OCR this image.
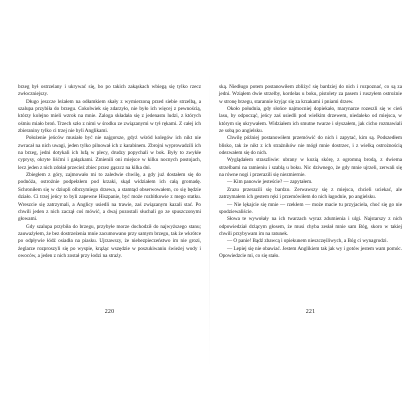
brzeg był ostrzelany i ukrywać się, bo po takich zakąskach wbiegą się tylko rzecz zwłoczniejszy.

Długo jeszcze leżałem na odłamkiem skały z wymierzoną przed siebie strzelbą, a szalupa przybiła do brzegu. Cokolwiek się zdarzyło, nie było ich więcej z pewnością, którzy kolejno mieli wzrok na mnie. Zaloga składała się z jedenastu ludzi, z których ośmiu miało broń. Trzech szło z nimi w środku ze związanymi w tył rękami. Z całej ich zbieraniny tylko ci trzej nie byli Anglikami.

Położenie jeńców musiało być nie najgorsze, gdyż wśród kolegów ich nikt nie zwracał na nich uwagi, jeden tylko pilnował ich z karabinem. Zbrojni wyprowadzili ich na brzeg, jedni dotykali ich lufą w plecy, drudzy popychali w bok. Były to zwykłe cyprysy, okryte liśćmi i gałązkami. Zmienili oni miejsce w kilku nocnych postojach, lecz jeden z nich zdołał przecież zbiec przez gąszcz na kilka dni.

Zbiegłem z góry, zajmowało mi to zaledwie chwilę, a gdy już dostałem się do podnóża, ostrożnie podpełzłem pod krzaki, skąd widziałem ich całą gromadę. Schroniłem się w dziupli olbrzymiego drzewa, a stamtąd obserwowałem, co się będzie działo. Ci trzej jeńcy to byli zapewne Hiszpanie, być może rozbitkowie z mego statku. Wreszcie się zatrzymali, a Anglicy usiedli na trawie, zaś związanym kazali stać. Po chwili jeden z nich zaczął coś mówić, a dwaj pozostali słuchali go ze spuszczonymi głowami.

Gdy szalupa przybiła do brzegu, przybyłe morze dochodził do najwyższego stanu; zauważyłem, że bez dostrzeżenia mnie zacumowano przy samym brzegu, tak że wkrótce po odpływie łódź osiadła na piasku. Ujrzawszy, że niebezpieczeństwo im nie grozi, żeglarze rozproszyli się po wyspie, krążąc wszędzie w poszukiwaniu świeżej wody i owoców, a jeden z nich został przy łodzi na straży.

220

ską. Niedługo potem postanowiłem zbliżyć się bardziej do nich i rozpoznać, co są za jedni. Wziąłem dwie strzelby, kordelas u boku, pistolety za pasem i ruszyłem ostrożnie w stronę brzegu, starannie kryjąc się za krzakami i pniami drzew.

Około południa, gdy słońce najmocniej dopiekało, marynarze rozeszli się w cień lasu, by odpocząć, jeńcy zaś usiedli pod wielkim drzewem, niedaleko od miejsca, w którym się ukrywałem. Widziałem ich smutne twarze i słyszałem, jak cicho rozmawiali ze sobą po angielsku.

Chwilę później postanowiłem przemówić do nich i zapytać, kim są. Podszedłem blisko, tak że nikt z ich strażników nie mógł mnie dostrzec, i z wielką ostrożnością odezwałem się do nich.

Wyglądałem straszliwie: ubrany w kozią skórę, z ogromną brodą, z dwiema strzelbami na ramieniu i szablą u boku. Nic dziwnego, że gdy mnie ujrzeli, zerwali się na równe nogi i przerazili się niezmiernie.

— Kim panowie jesteście? — zapytałem.

Zrazu przerazili się bardzo. Zerwawszy się z miejsca, chcieli uciekać, ale zatrzymałem ich gestem ręki i przemówiłem do nich łagodnie, po angielsku.

— Nie lękajcie się mnie — rzekłem — może macie tu przyjaciela, choć się go nie spodziewaliście.

Słowa te wywołały na ich twarzach wyraz zdumienia i ulgi. Najstarszy z nich odpowiedział drżącym głosem, że musi chyba zesłał mnie sam Bóg, skoro w takiej chwili przybywam im na ratunek.

— O panie! Bądź zbawcą i opiekunem nieszczęśliwych, a Bóg ci wynagrodzi.

— Lepiej się nie obawiać. Jestem Anglikiem tak jak wy i gotów jestem wam pomóc. Opowiedzcie mi, co się stało.

221
